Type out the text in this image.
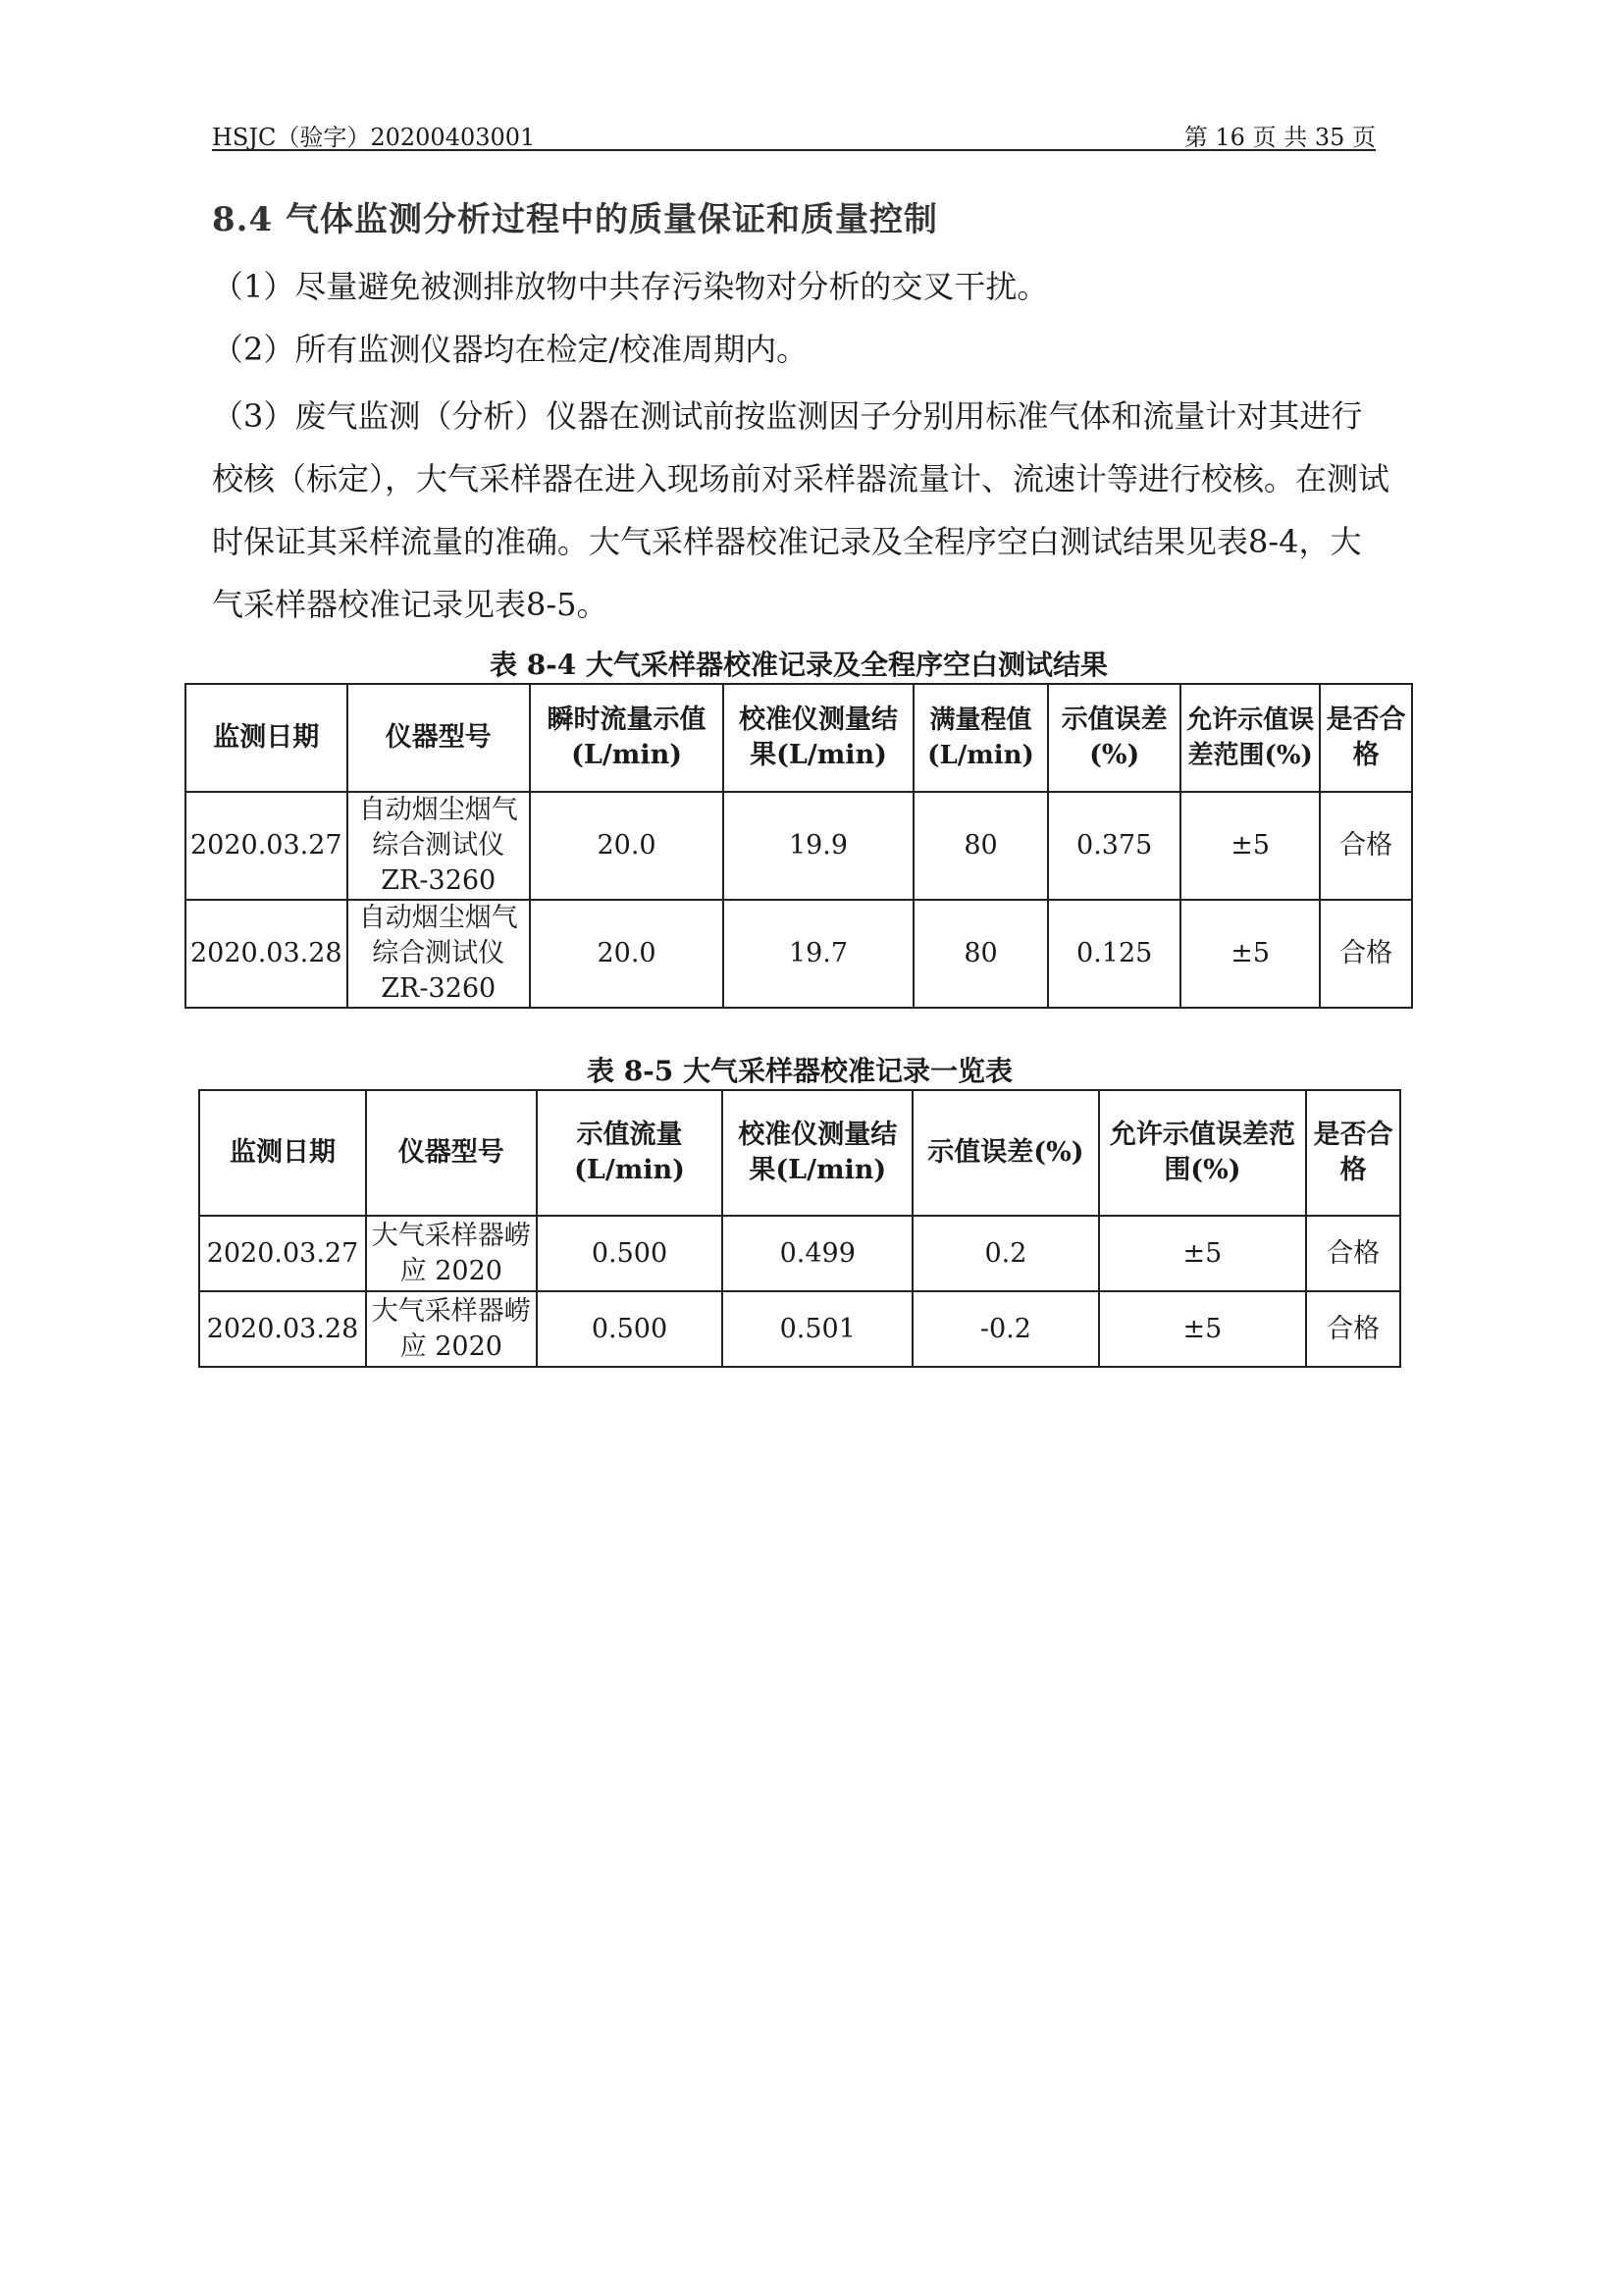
HSJC（验字）20200403001	第 16 页 共 35 页
8.4 气体监测分析过程中的质量保证和质量控制
（1）尽量避免被测排放物中共存污染物对分析的交叉干扰。
（2）所有监测仪器均在检定/校准周期内。
（3）废气监测（分析）仪器在测试前按监测因子分别用标准气体和流量计对其进行校核（标定），大气采样器在进入现场前对采样器流量计、流速计等进行校核。在测试时保证其采样流量的准确。大气采样器校准记录及全程序空白测试结果见表8-4，大气采样器校准记录见表8-5。
表 8-4 大气采样器校准记录及全程序空白测试结果
监测日期	仪器型号	瞬时流量示值(L/min)	校准仪测量结果(L/min)	满量程值(L/min)	示值误差(%)	允许示值误差范围(%)	是否合格
2020.03.27	自动烟尘烟气综合测试仪ZR-3260	20.0	19.9	80	0.375	±5	合格
2020.03.28	自动烟尘烟气综合测试仪ZR-3260	20.0	19.7	80	0.125	±5	合格
表 8-5 大气采样器校准记录一览表
监测日期	仪器型号	示值流量(L/min)	校准仪测量结果(L/min)	示值误差(%)	允许示值误差范围(%)	是否合格
2020.03.27	大气采样器崂应 2020	0.500	0.499	0.2	±5	合格
2020.03.28	大气采样器崂应 2020	0.500	0.501	-0.2	±5	合格
